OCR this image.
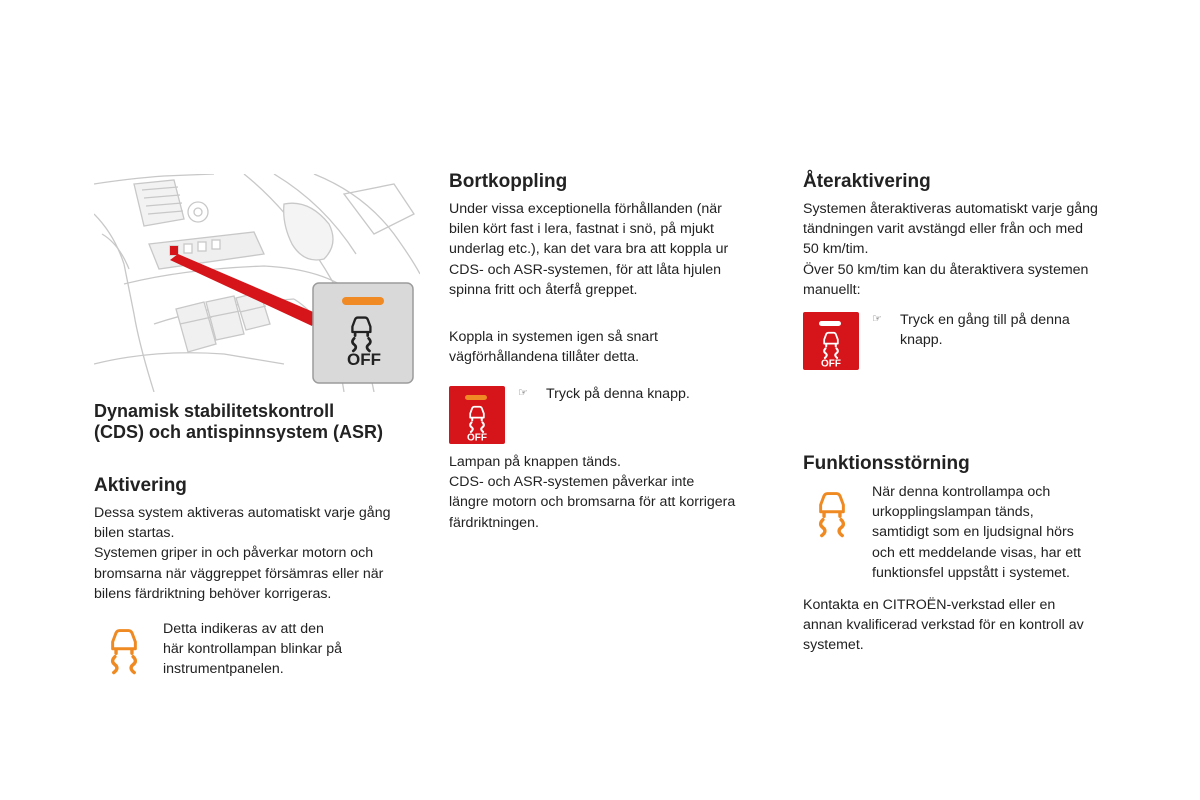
OFF
Dynamisk stabilitetskontroll
(CDS) och antispinnsystem (ASR)
Aktivering
Dessa system aktiveras automatiskt varje gång
bilen startas.
Systemen griper in och påverkar motorn och
bromsarna när väggreppet försämras eller när
bilens färdriktning behöver korrigeras.
Detta indikeras av att den
här kontrollampan blinkar på
instrumentpanelen.
Bortkoppling
Under vissa exceptionella förhållanden (när
bilen kört fast i lera, fastnat i snö, på mjukt
underlag etc.), kan det vara bra att koppla ur
CDS- och ASR-systemen, för att låta hjulen
spinna fritt och återfå greppet.
Koppla in systemen igen så snart
vägförhållandena tillåter detta.
OFF
☞ Tryck på denna knapp.
Lampan på knappen tänds.
CDS- och ASR-systemen påverkar inte
längre motorn och bromsarna för att korrigera
färdriktningen.
Återaktivering
Systemen återaktiveras automatiskt varje gång
tändningen varit avstängd eller från och med
50 km/tim.
Över 50 km/tim kan du återaktivera systemen
manuellt:
OFF
☞ Tryck en gång till på denna
knapp.
Funktionsstörning
När denna kontrollampa och
urkopplingslampan tänds,
samtidigt som en ljudsignal hörs
och ett meddelande visas, har ett
funktionsfel uppstått i systemet.
Kontakta en CITROËN-verkstad eller en
annan kvalificerad verkstad för en kontroll av
systemet.
